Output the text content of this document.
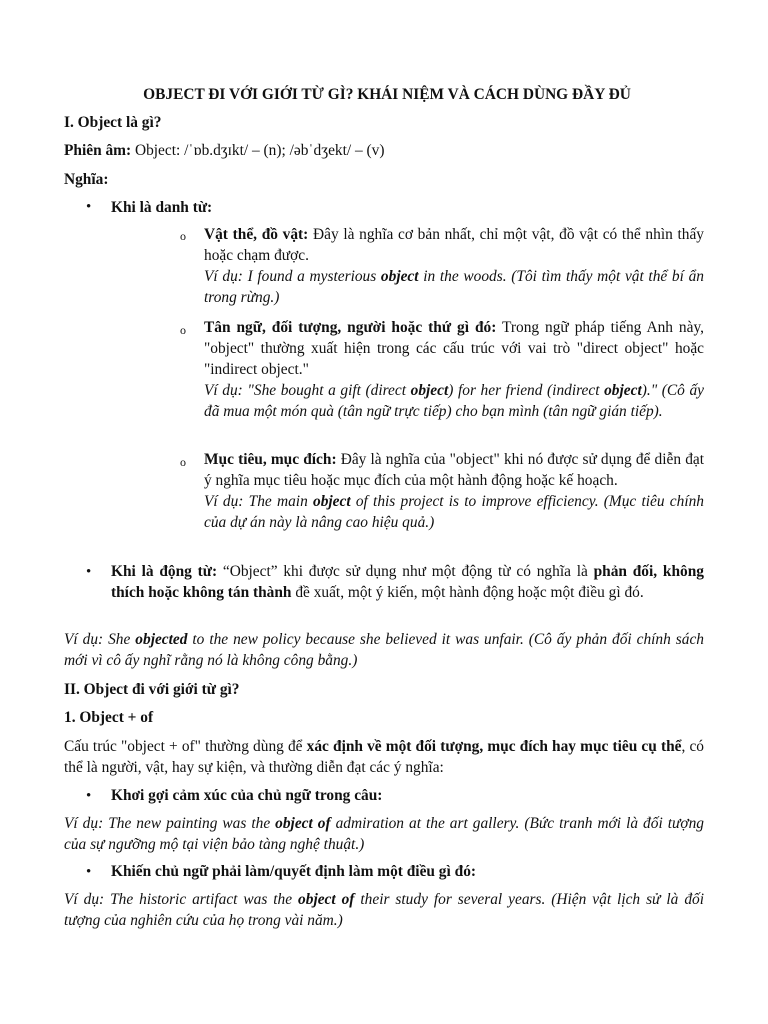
OBJECT ĐI VỚI GIỚI TỪ GÌ? KHÁI NIỆM VÀ CÁCH DÙNG ĐẦY ĐỦ
I. Object là gì?
Phiên âm: Object: /ˈɒb.dʒɪkt/ – (n); /əbˈdʒekt/ – (v)
Nghĩa:
• Khi là danh từ:
o Vật thể, đồ vật: Đây là nghĩa cơ bản nhất, chỉ một vật, đồ vật có thể nhìn thấy hoặc chạm được.
Ví dụ: I found a mysterious object in the woods. (Tôi tìm thấy một vật thể bí ẩn trong rừng.)
o Tân ngữ, đối tượng, người hoặc thứ gì đó: Trong ngữ pháp tiếng Anh này, "object" thường xuất hiện trong các cấu trúc với vai trò "direct object" hoặc "indirect object."
Ví dụ: "She bought a gift (direct object) for her friend (indirect object)." (Cô ấy đã mua một món quà (tân ngữ trực tiếp) cho bạn mình (tân ngữ gián tiếp).
o Mục tiêu, mục đích: Đây là nghĩa của "object" khi nó được sử dụng để diễn đạt ý nghĩa mục tiêu hoặc mục đích của một hành động hoặc kế hoạch.
Ví dụ: The main object of this project is to improve efficiency. (Mục tiêu chính của dự án này là nâng cao hiệu quả.)
• Khi là động từ: “Object” khi được sử dụng như một động từ có nghĩa là phản đối, không thích hoặc không tán thành đề xuất, một ý kiến, một hành động hoặc một điều gì đó.
Ví dụ: She objected to the new policy because she believed it was unfair. (Cô ấy phản đối chính sách mới vì cô ấy nghĩ rằng nó là không công bằng.)
II. Object đi với giới từ gì?
1. Object + of
Cấu trúc "object + of" thường dùng để xác định về một đối tượng, mục đích hay mục tiêu cụ thể, có thể là người, vật, hay sự kiện, và thường diễn đạt các ý nghĩa:
• Khơi gợi cảm xúc của chủ ngữ trong câu:
Ví dụ: The new painting was the object of admiration at the art gallery. (Bức tranh mới là đối tượng của sự ngưỡng mộ tại viện bảo tàng nghệ thuật.)
• Khiến chủ ngữ phải làm/quyết định làm một điều gì đó:
Ví dụ: The historic artifact was the object of their study for several years. (Hiện vật lịch sử là đối tượng của nghiên cứu của họ trong vài năm.)
